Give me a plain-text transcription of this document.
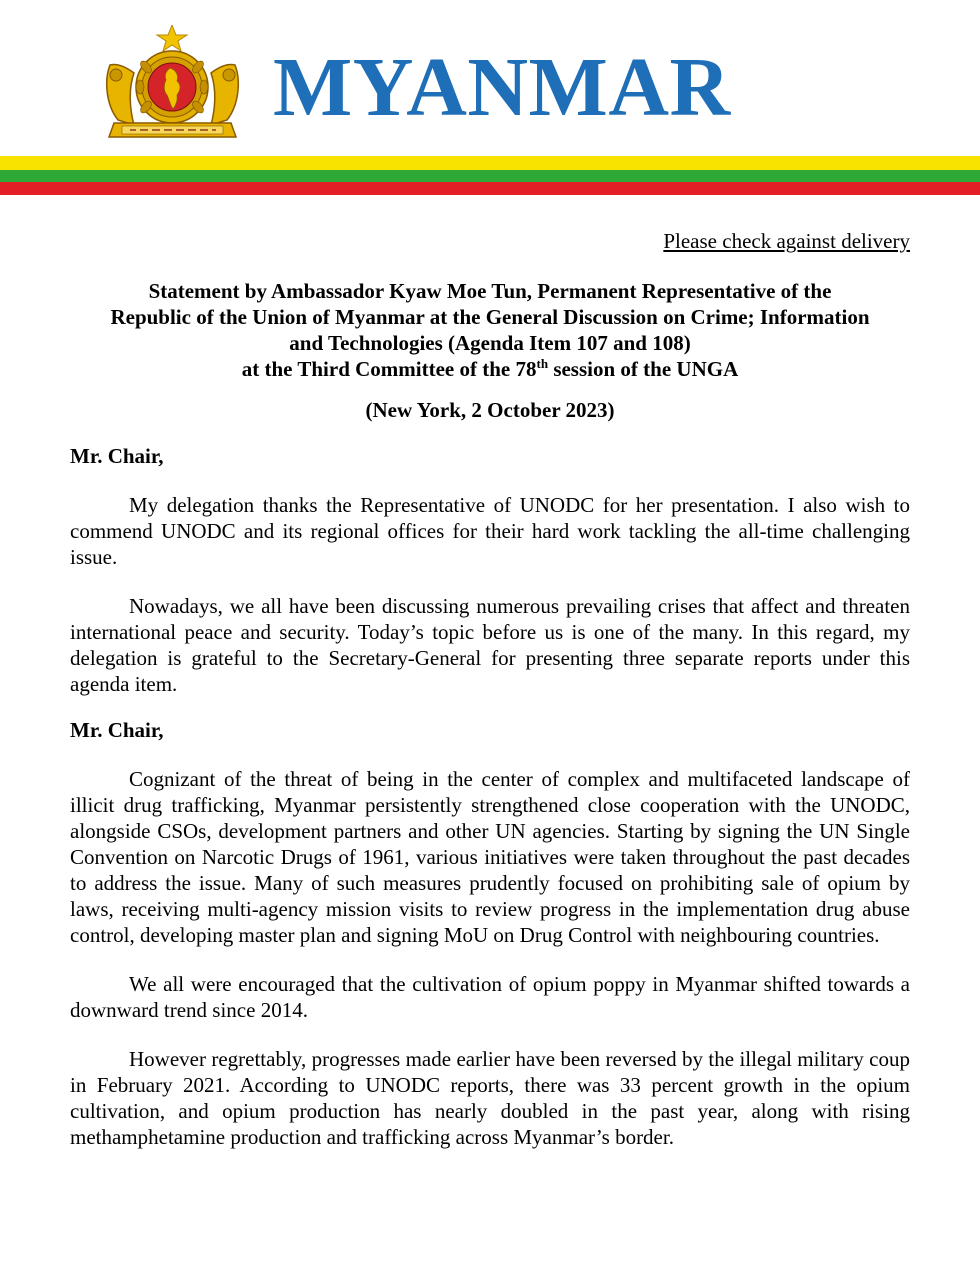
MYANMAR

Please check against delivery

Statement by Ambassador Kyaw Moe Tun, Permanent Representative of the
Republic of the Union of Myanmar at the General Discussion on Crime; Information
and Technologies (Agenda Item 107 and 108)
at the Third Committee of the 78th session of the UNGA

(New York, 2 October 2023)

Mr. Chair,

My delegation thanks the Representative of UNODC for her presentation. I also wish to commend UNODC and its regional offices for their hard work tackling the all-time challenging issue.

Nowadays, we all have been discussing numerous prevailing crises that affect and threaten international peace and security. Today’s topic before us is one of the many. In this regard, my delegation is grateful to the Secretary-General for presenting three separate reports under this agenda item.

Mr. Chair,

Cognizant of the threat of being in the center of complex and multifaceted landscape of illicit drug trafficking, Myanmar persistently strengthened close cooperation with the UNODC, alongside CSOs, development partners and other UN agencies. Starting by signing the UN Single Convention on Narcotic Drugs of 1961, various initiatives were taken throughout the past decades to address the issue. Many of such measures prudently focused on prohibiting sale of opium by laws, receiving multi-agency mission visits to review progress in the implementation drug abuse control, developing master plan and signing MoU on Drug Control with neighbouring countries.

We all were encouraged that the cultivation of opium poppy in Myanmar shifted towards a downward trend since 2014.

However regrettably, progresses made earlier have been reversed by the illegal military coup in February 2021. According to UNODC reports, there was 33 percent growth in the opium cultivation, and opium production has nearly doubled in the past year, along with rising methamphetamine production and trafficking across Myanmar’s border.
